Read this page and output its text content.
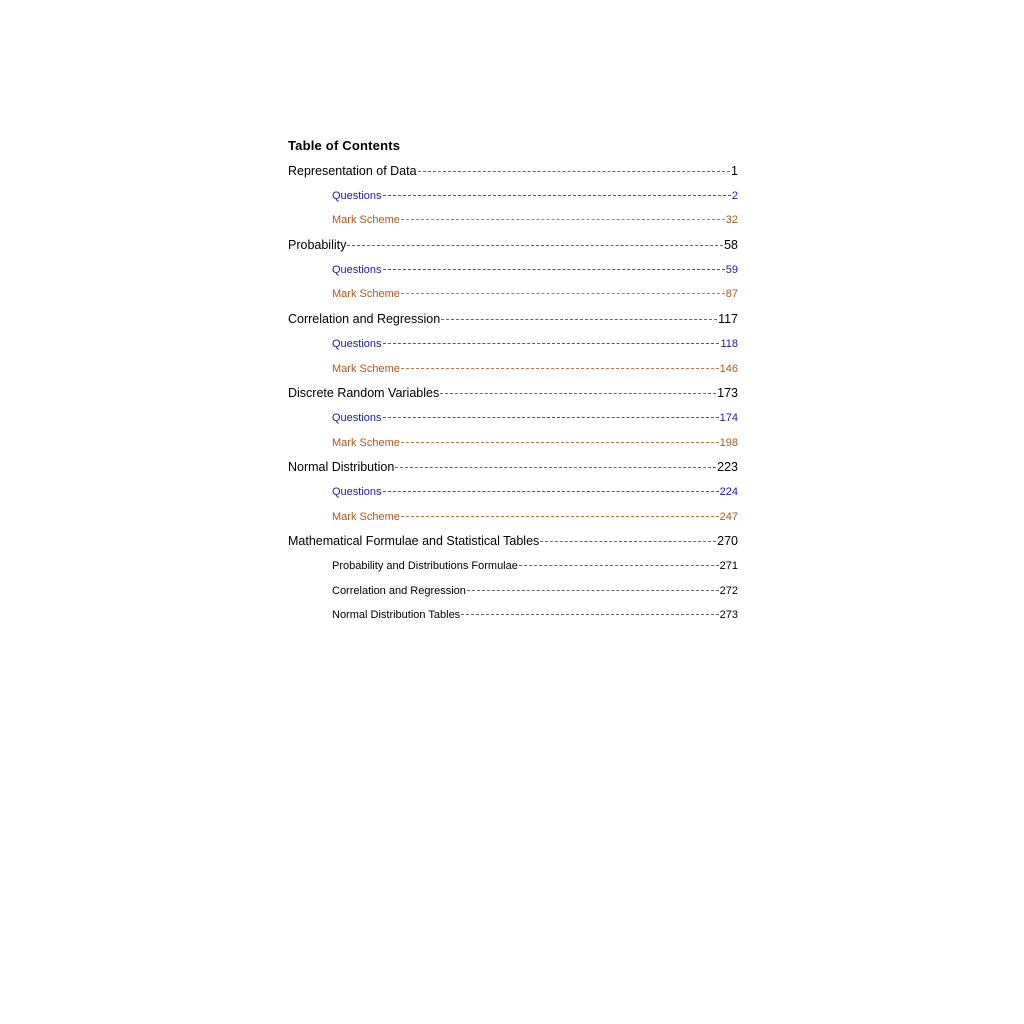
Table of Contents
Representation of Data	1
Questions	2
Mark Scheme	32
Probability	58
Questions	59
Mark Scheme	87
Correlation and Regression	117
Questions	118
Mark Scheme	146
Discrete Random Variables	173
Questions	174
Mark Scheme	198
Normal Distribution	223
Questions	224
Mark Scheme	247
Mathematical Formulae and Statistical Tables	270
Probability and Distributions Formulae	271
Correlation and Regression	272
Normal Distribution Tables	273
